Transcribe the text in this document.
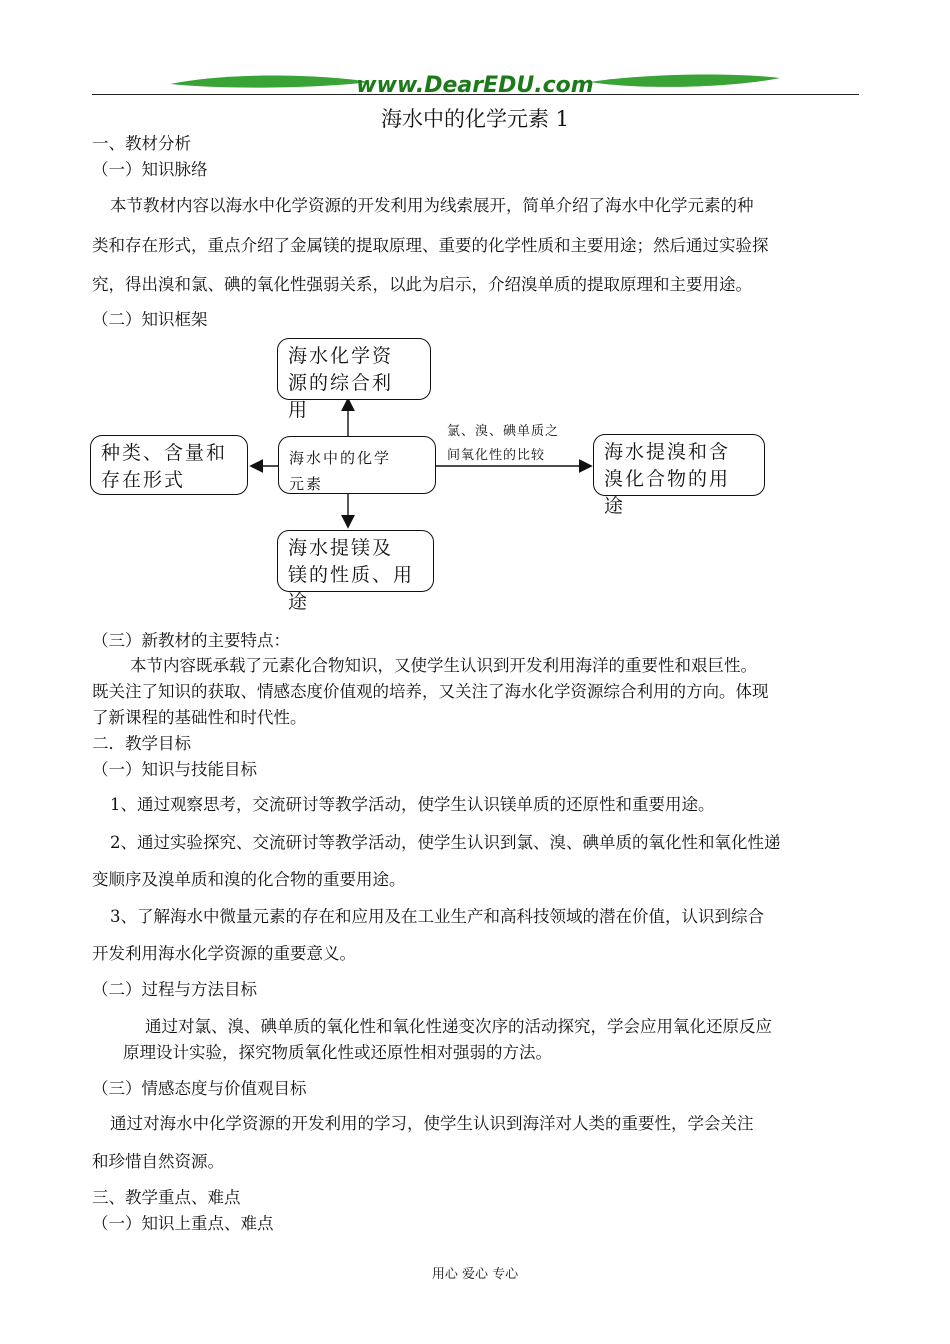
www.DearEDU.com
海水中的化学元素 1
一、教材分析
（一）知识脉络
本节教材内容以海水中化学资源的开发利用为线索展开，简单介绍了海水中化学元素的种
类和存在形式，重点介绍了金属镁的提取原理、重要的化学性质和主要用途；然后通过实验探
究，得出溴和氯、碘的氧化性强弱关系，以此为启示，介绍溴单质的提取原理和主要用途。
（二）知识框架
海水化学资
源的综合利
用
种类、含量和
存在形式
海水中的化学
元素
氯、溴、碘单质之
间氧化性的比较	海水提溴和含
溴化合物的用
途
海水提镁及
镁的性质、用
途
（三）新教材的主要特点：
本节内容既承载了元素化合物知识，又使学生认识到开发利用海洋的重要性和艰巨性。
既关注了知识的获取、情感态度价值观的培养，又关注了海水化学资源综合利用的方向。体现
了新课程的基础性和时代性。
二．教学目标
（一）知识与技能目标
1、通过观察思考，交流研讨等教学活动，使学生认识镁单质的还原性和重要用途。
2、通过实验探究、交流研讨等教学活动，使学生认识到氯、溴、碘单质的氧化性和氧化性递
变顺序及溴单质和溴的化合物的重要用途。
3、了解海水中微量元素的存在和应用及在工业生产和高科技领域的潜在价值，认识到综合
开发利用海水化学资源的重要意义。
（二）过程与方法目标
通过对氯、溴、碘单质的氧化性和氧化性递变次序的活动探究，学会应用氧化还原反应
原理设计实验，探究物质氧化性或还原性相对强弱的方法。
（三）情感态度与价值观目标
通过对海水中化学资源的开发利用的学习，使学生认识到海洋对人类的重要性，学会关注
和珍惜自然资源。
三、教学重点、难点
（一）知识上重点、难点
用心 爱心 专心
